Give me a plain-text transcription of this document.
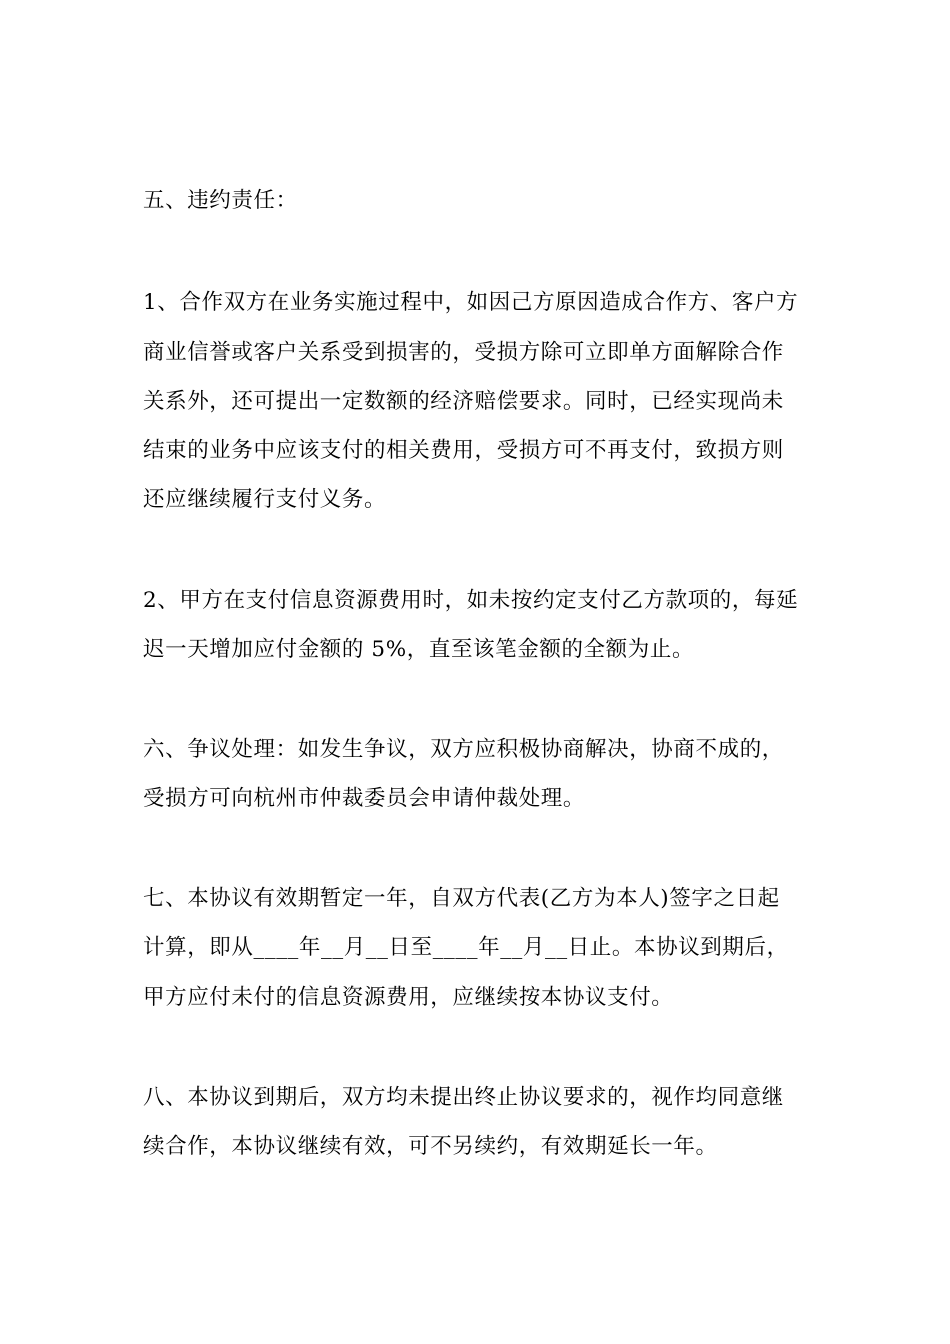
五、违约责任：
1、合作双方在业务实施过程中，如因己方原因造成合作方、客户方
商业信誉或客户关系受到损害的，受损方除可立即单方面解除合作
关系外，还可提出一定数额的经济赔偿要求。同时，已经实现尚未
结束的业务中应该支付的相关费用，受损方可不再支付，致损方则
还应继续履行支付义务。
2、甲方在支付信息资源费用时，如未按约定支付乙方款项的，每延
迟一天增加应付金额的 5%，直至该笔金额的全额为止。
六、争议处理：如发生争议，双方应积极协商解决，协商不成的，
受损方可向杭州市仲裁委员会申请仲裁处理。
七、本协议有效期暂定一年，自双方代表(乙方为本人)签字之日起
计算，即从____年__月__日至____年__月__日止。本协议到期后，
甲方应付未付的信息资源费用，应继续按本协议支付。
八、本协议到期后，双方均未提出终止协议要求的，视作均同意继
续合作，本协议继续有效，可不另续约，有效期延长一年。
